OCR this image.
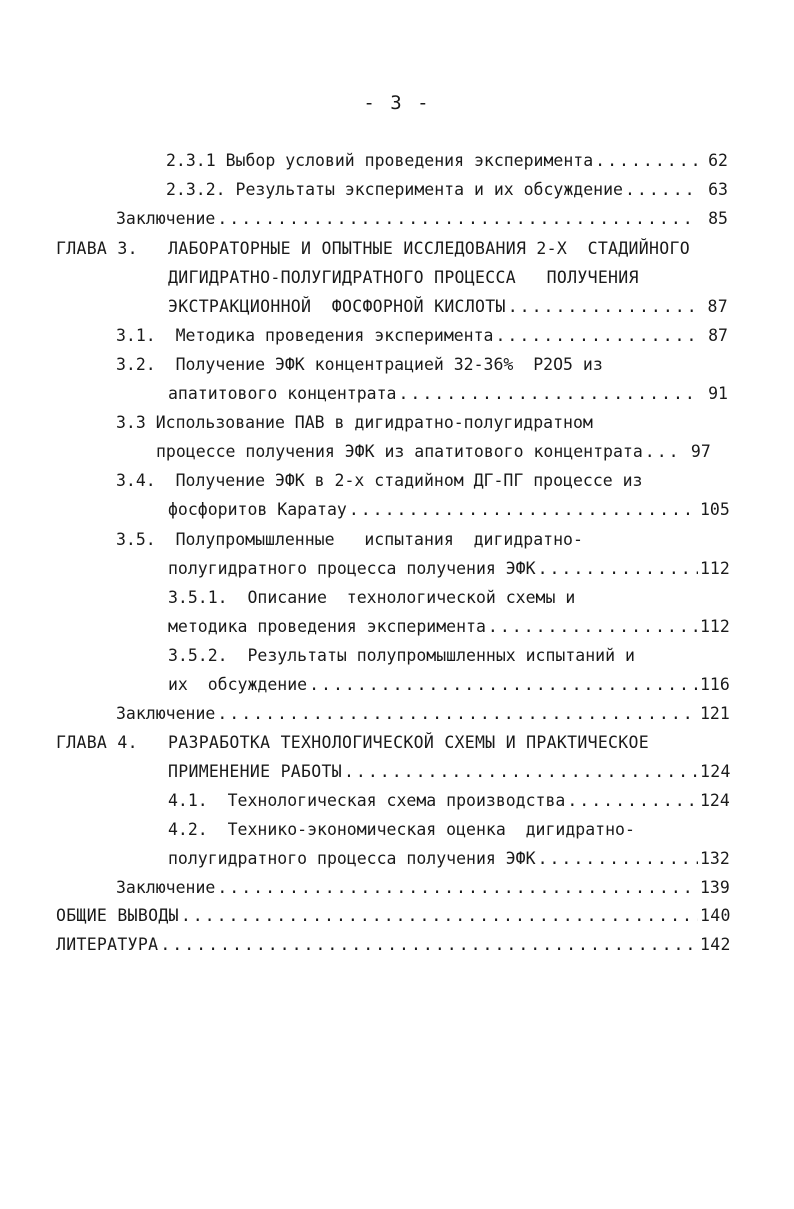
- 3 -
2.3.1 Выбор условий проведения эксперимента .....	62
2.3.2. Результаты эксперимента и их обсуждение .....	63
Заключение .....	85
ГЛАВА 3. ЛАБОРАТОРНЫЕ И ОПЫТНЫЕ ИССЛЕДОВАНИЯ 2-Х  СТАДИЙНОГО
ДИГИДРАТНО-ПОЛУГИДРАТНОГО ПРОЦЕССА   ПОЛУЧЕНИЯ
ЭКСТРАКЦИОННОЙ  ФОСФОРНОЙ КИСЛОТЫ .....	87
3.1.  Методика проведения эксперимента .....	87
3.2.  Получение ЭФК концентрацией 32-36%  P2O5 из
апатитового концентрата .....	91
3.3 Использование ПАВ в дигидратно-полугидратном
процессе получения ЭФК из апатитового концентрата .....	97
3.4.  Получение ЭФК в 2-х стадийном ДГ-ПГ процессе из
фосфоритов Каратау .....	105
3.5.  Полупромышленные   испытания  дигидратно-
полугидратного процесса получения ЭФК .....	112
3.5.1.  Описание  технологической схемы и
методика проведения эксперимента .....	112
3.5.2.  Результаты полупромышленных испытаний и
их  обсуждение .....	116
Заключение .....	121
ГЛАВА 4. РАЗРАБОТКА ТЕХНОЛОГИЧЕСКОЙ СХЕМЫ И ПРАКТИЧЕСКОЕ
ПРИМЕНЕНИЕ РАБОТЫ .....	124
4.1.  Технологическая схема производства .....	124
4.2.  Технико-экономическая оценка  дигидратно-
полугидратного процесса получения ЭФК .....	132
Заключение .....	139
ОБЩИЕ ВЫВОДЫ .....	140
ЛИТЕРАТУРА .....	142
